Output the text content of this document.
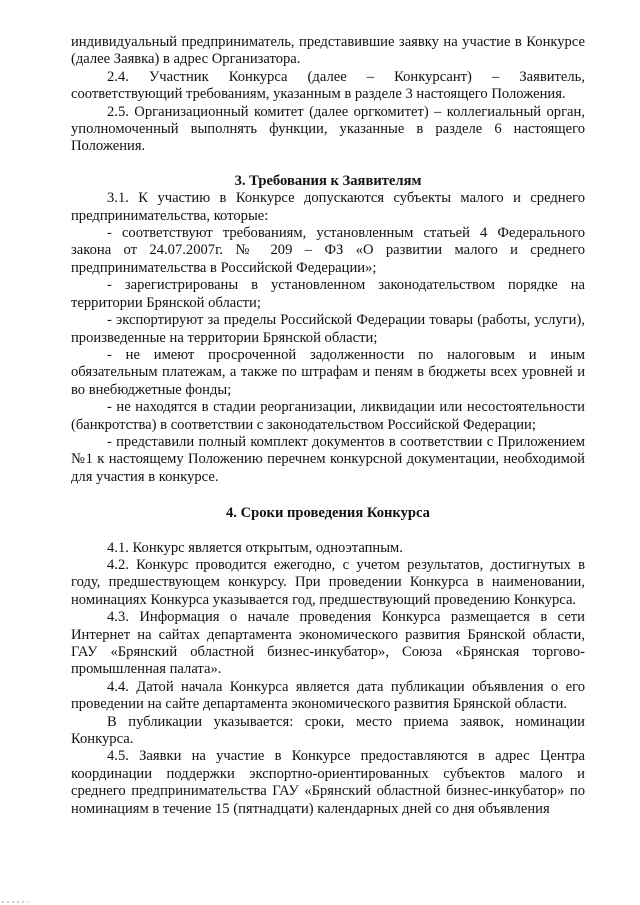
индивидуальный предприниматель, представившие заявку на участие в Конкурсе (далее Заявка) в адрес Организатора.

2.4. Участник Конкурса (далее – Конкурсант) – Заявитель, соответствующий требованиям, указанным в разделе 3 настоящего Положения.

2.5. Организационный комитет (далее оргкомитет) – коллегиальный орган, уполномоченный выполнять функции, указанные в разделе 6 настоящего Положения.

3. Требования к Заявителям

3.1. К участию в Конкурсе допускаются субъекты малого и среднего предпринимательства, которые:

- соответствуют требованиям, установленным статьей 4 Федерального закона от 24.07.2007г. № 209 – ФЗ «О развитии малого и среднего предпринимательства в Российской Федерации»;

- зарегистрированы в установленном законодательством порядке на территории Брянской области;

- экспортируют за пределы Российской Федерации товары (работы, услуги), произведенные на территории Брянской области;

- не имеют просроченной задолженности по налоговым и иным обязательным платежам, а также по штрафам и пеням в бюджеты всех уровней и во внебюджетные фонды;

- не находятся в стадии реорганизации, ликвидации или несостоятельности (банкротства) в соответствии с законодательством Российской Федерации;

- представили полный комплект документов в соответствии с Приложением №1 к настоящему Положению перечнем конкурсной документации, необходимой для участия в конкурсе.

4. Сроки проведения Конкурса

4.1. Конкурс является открытым, одноэтапным.

4.2. Конкурс проводится ежегодно, с учетом результатов, достигнутых в году, предшествующем конкурсу. При проведении Конкурса в наименовании, номинациях Конкурса указывается год, предшествующий проведению Конкурса.

4.3. Информация о начале проведения Конкурса размещается в сети Интернет на сайтах департамента экономического развития Брянской области, ГАУ «Брянский областной бизнес-инкубатор», Союза «Брянская торгово-промышленная палата».

4.4. Датой начала Конкурса является дата публикации объявления о его проведении на сайте департамента экономического развития Брянской области.

В публикации указывается: сроки, место приема заявок, номинации Конкурса.

4.5. Заявки на участие в Конкурсе предоставляются в адрес Центра координации поддержки экспортно-ориентированных субъектов малого и среднего предпринимательства ГАУ «Брянский областной бизнес-инкубатор» по номинациям в течение 15 (пятнадцати) календарных дней со дня объявления
